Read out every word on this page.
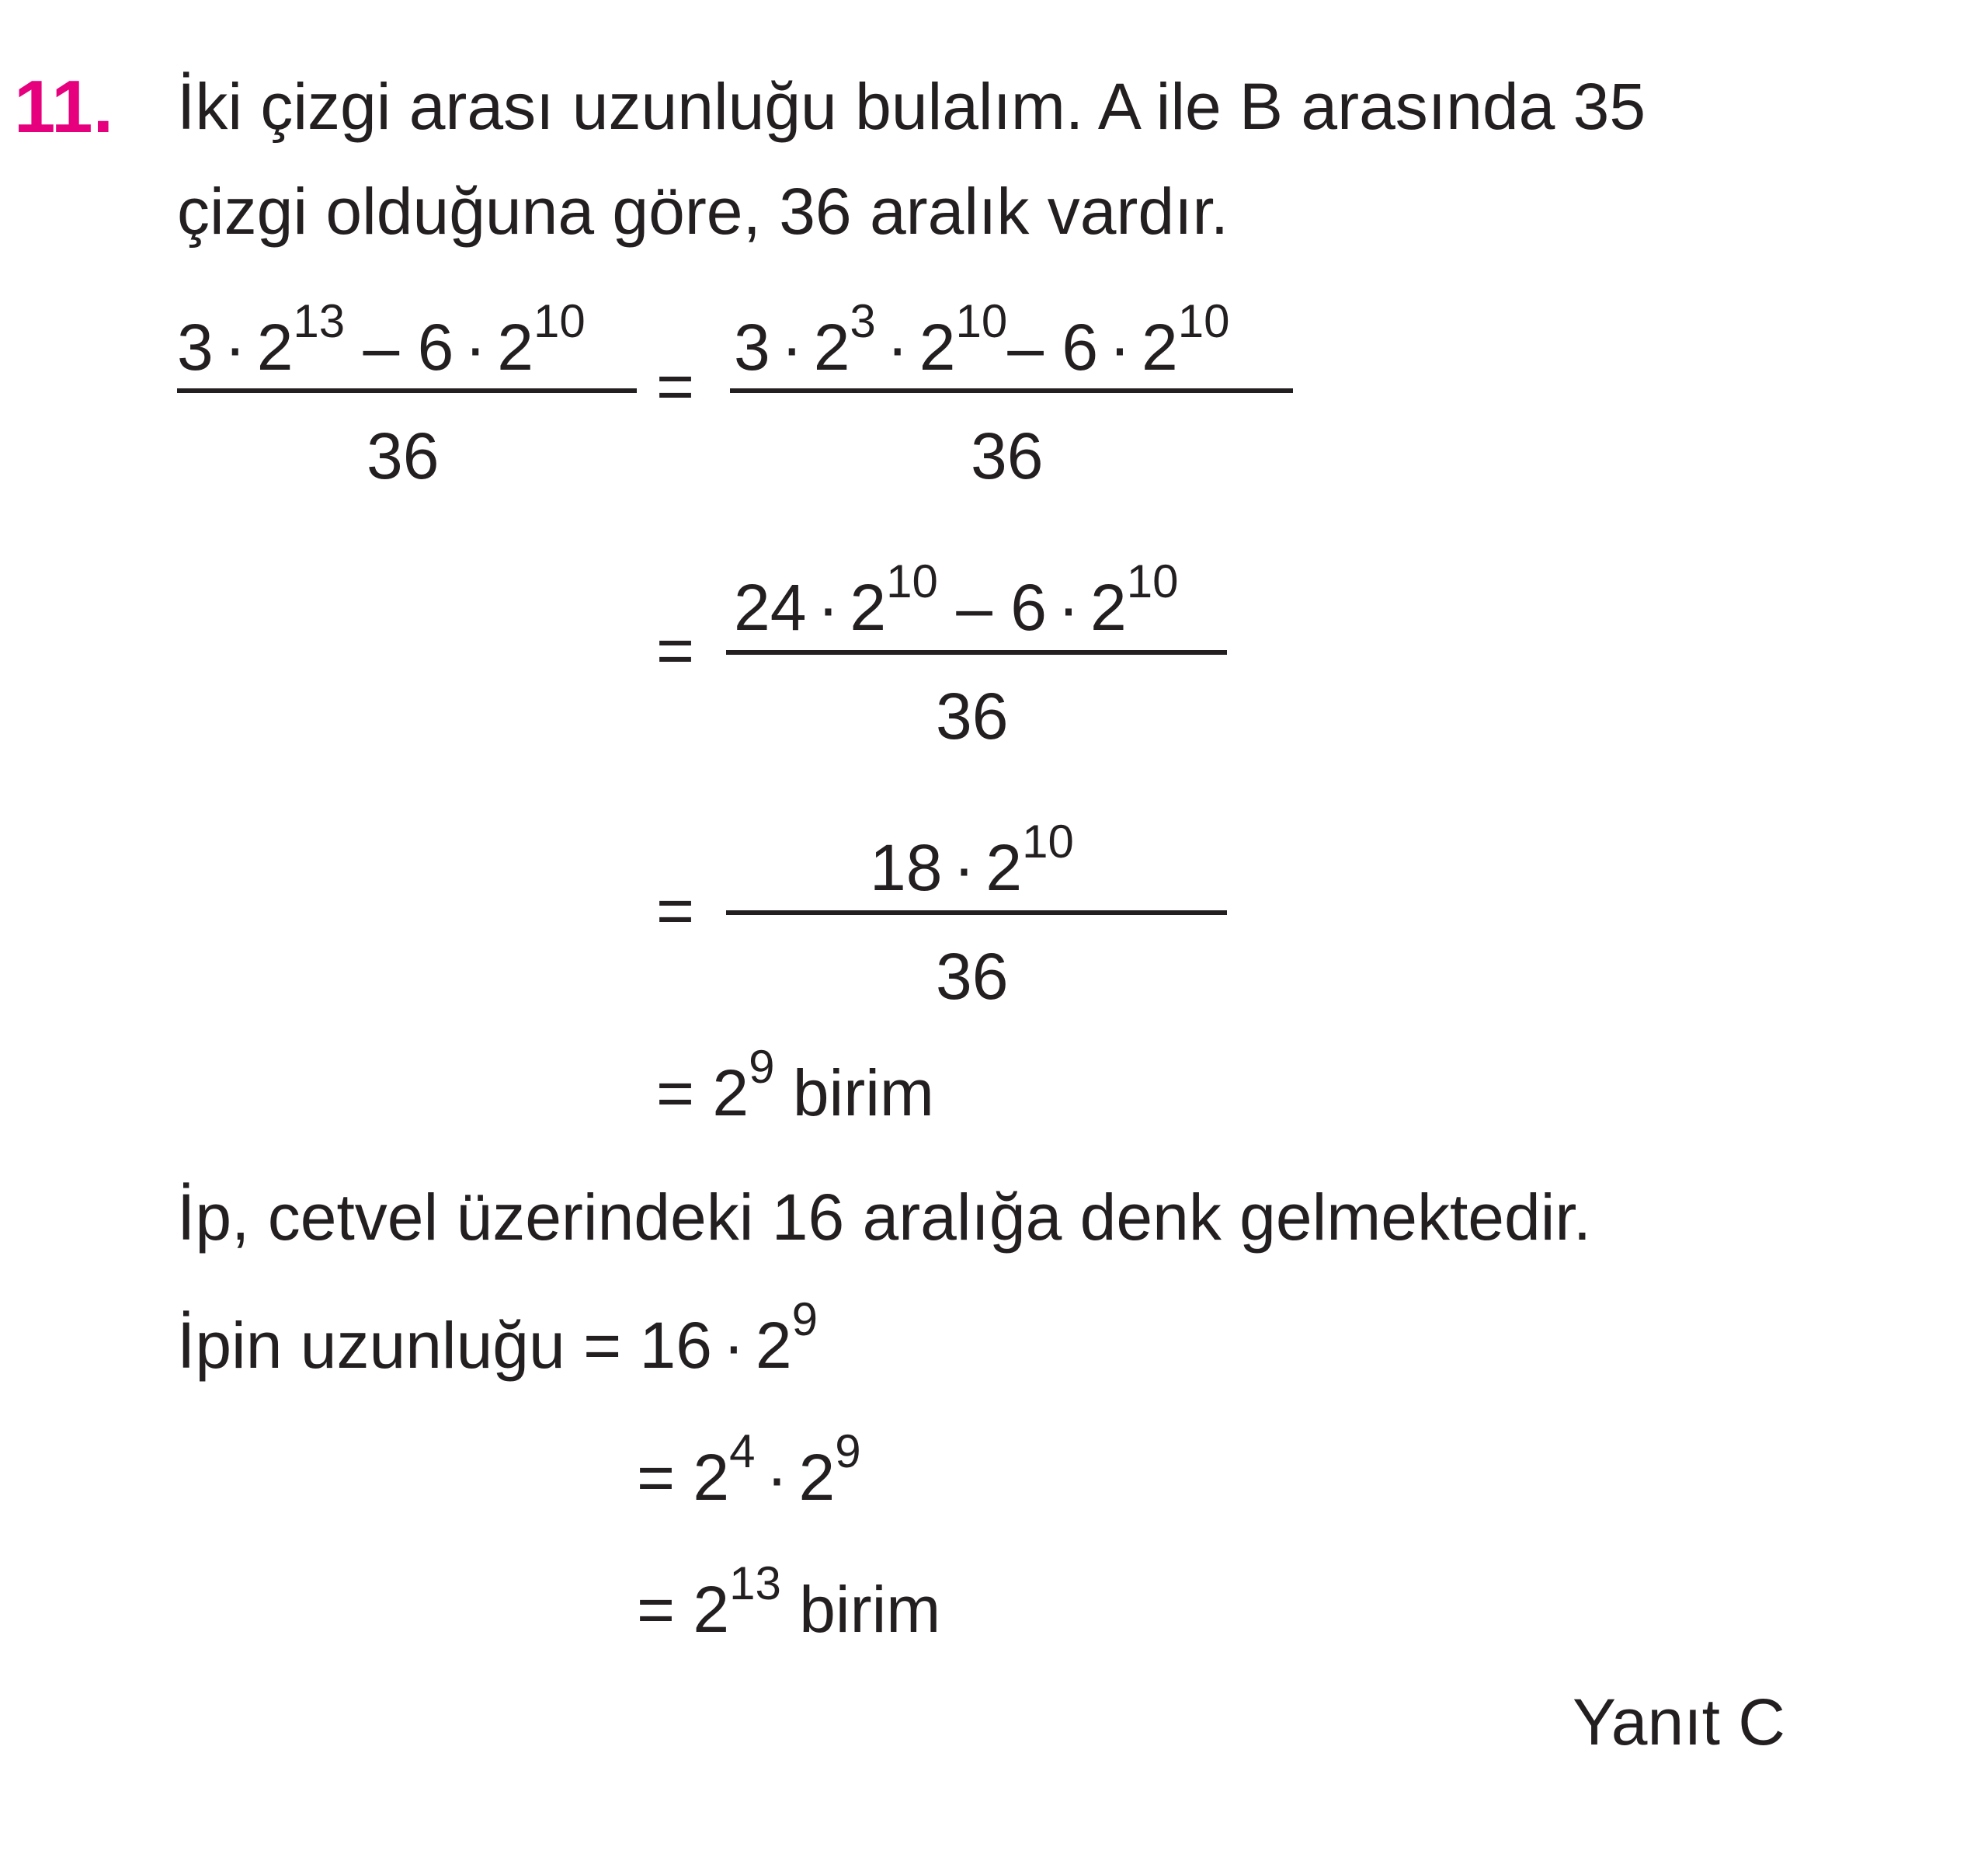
11. İki çizgi arası uzunluğu bulalım. A ile B arasında 35
çizgi olduğuna göre, 36 aralık vardır.
$3 \cdot 2^{13} - 6 \cdot 2^{10}$
36
=
$3 \cdot 2^3 \cdot 2^{10}-$ $6 \cdot 2^{10}$
36
=
$24 \cdot 2^{10} - 6 \cdot 2^{10}$
36
=
$18 \cdot 2^{10}$
36
= $2^9$ birim
İp, cetvel üzerindeki 16 aralığa denk gelmektedir.
İpin uzunluğu = $16 \cdot 2^9$
= $2^4 \cdot 2^9$
= $2^{13}$ birim
Yanıt C
